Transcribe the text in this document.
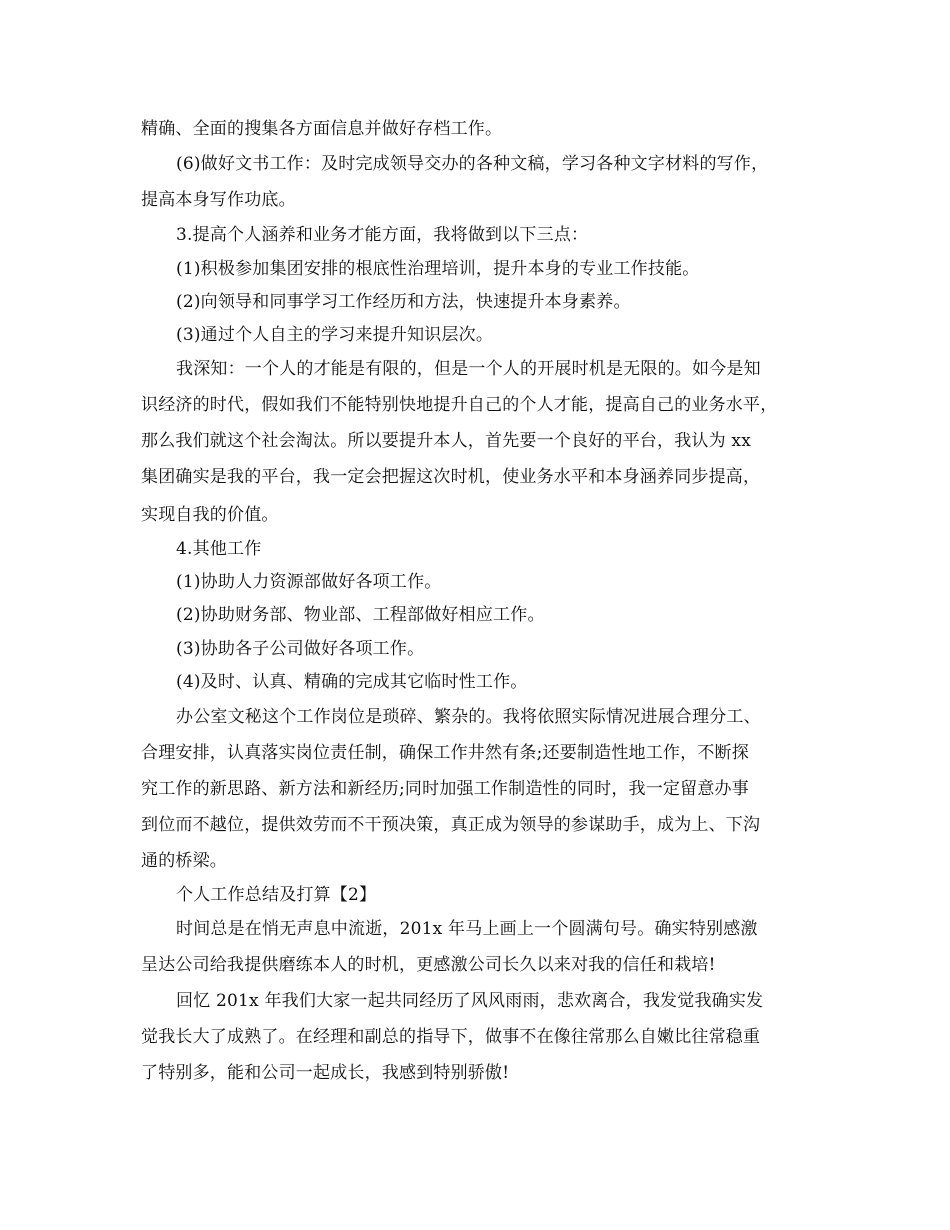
精确、全面的搜集各方面信息并做好存档工作。
(6)做好文书工作：及时完成领导交办的各种文稿，学习各种文字材料的写作，
提高本身写作功底。
3.提高个人涵养和业务才能方面，我将做到以下三点：
(1)积极参加集团安排的根底性治理培训，提升本身的专业工作技能。
(2)向领导和同事学习工作经历和方法，快速提升本身素养。
(3)通过个人自主的学习来提升知识层次。
我深知：一个人的才能是有限的，但是一个人的开展时机是无限的。如今是知
识经济的时代，假如我们不能特别快地提升自己的个人才能，提高自己的业务水平，
那么我们就这个社会淘汰。所以要提升本人，首先要一个良好的平台，我认为 xx
集团确实是我的平台，我一定会把握这次时机，使业务水平和本身涵养同步提高，
实现自我的价值。
4.其他工作
(1)协助人力资源部做好各项工作。
(2)协助财务部、物业部、工程部做好相应工作。
(3)协助各子公司做好各项工作。
(4)及时、认真、精确的完成其它临时性工作。
办公室文秘这个工作岗位是琐碎、繁杂的。我将依照实际情况进展合理分工、
合理安排，认真落实岗位责任制，确保工作井然有条;还要制造性地工作，不断探
究工作的新思路、新方法和新经历;同时加强工作制造性的同时，我一定留意办事
到位而不越位，提供效劳而不干预决策，真正成为领导的参谋助手，成为上、下沟
通的桥梁。
个人工作总结及打算【2】
时间总是在悄无声息中流逝，201x 年马上画上一个圆满句号。确实特别感激
呈达公司给我提供磨练本人的时机，更感激公司长久以来对我的信任和栽培!
回忆 201x 年我们大家一起共同经历了风风雨雨，悲欢离合，我发觉我确实发
觉我长大了成熟了。在经理和副总的指导下，做事不在像往常那么自嫩比往常稳重
了特别多，能和公司一起成长，我感到特别骄傲!
